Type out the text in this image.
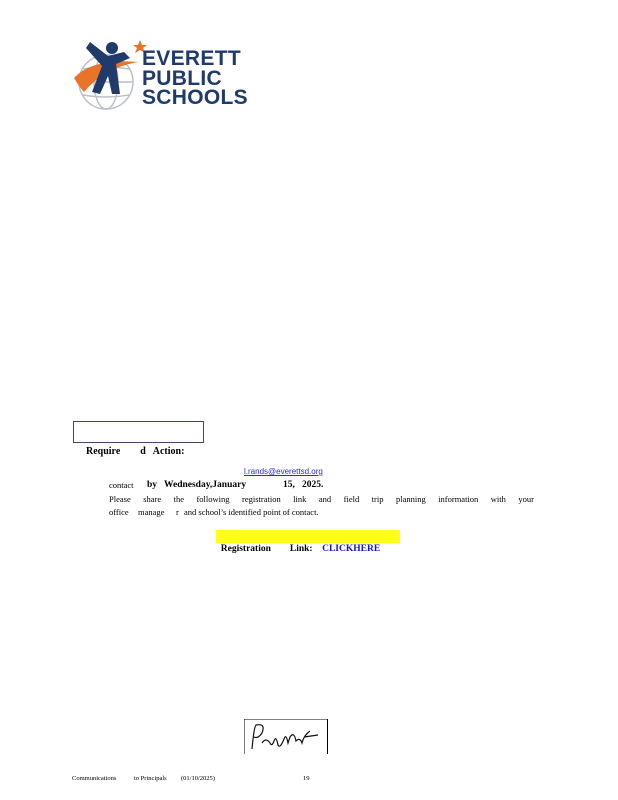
EVERETT
PUBLIC
SCHOOLS

Require        d   Action:

l.rands@everettsd.org
contact by Wednesday,January	15,   2025.
Please share the following registration link and field trip planning information with your
office manage r and school’s identified point of contact.

Registration        Link:    CLICKHERE

Communications	to Principals (01/10/2025)	19
